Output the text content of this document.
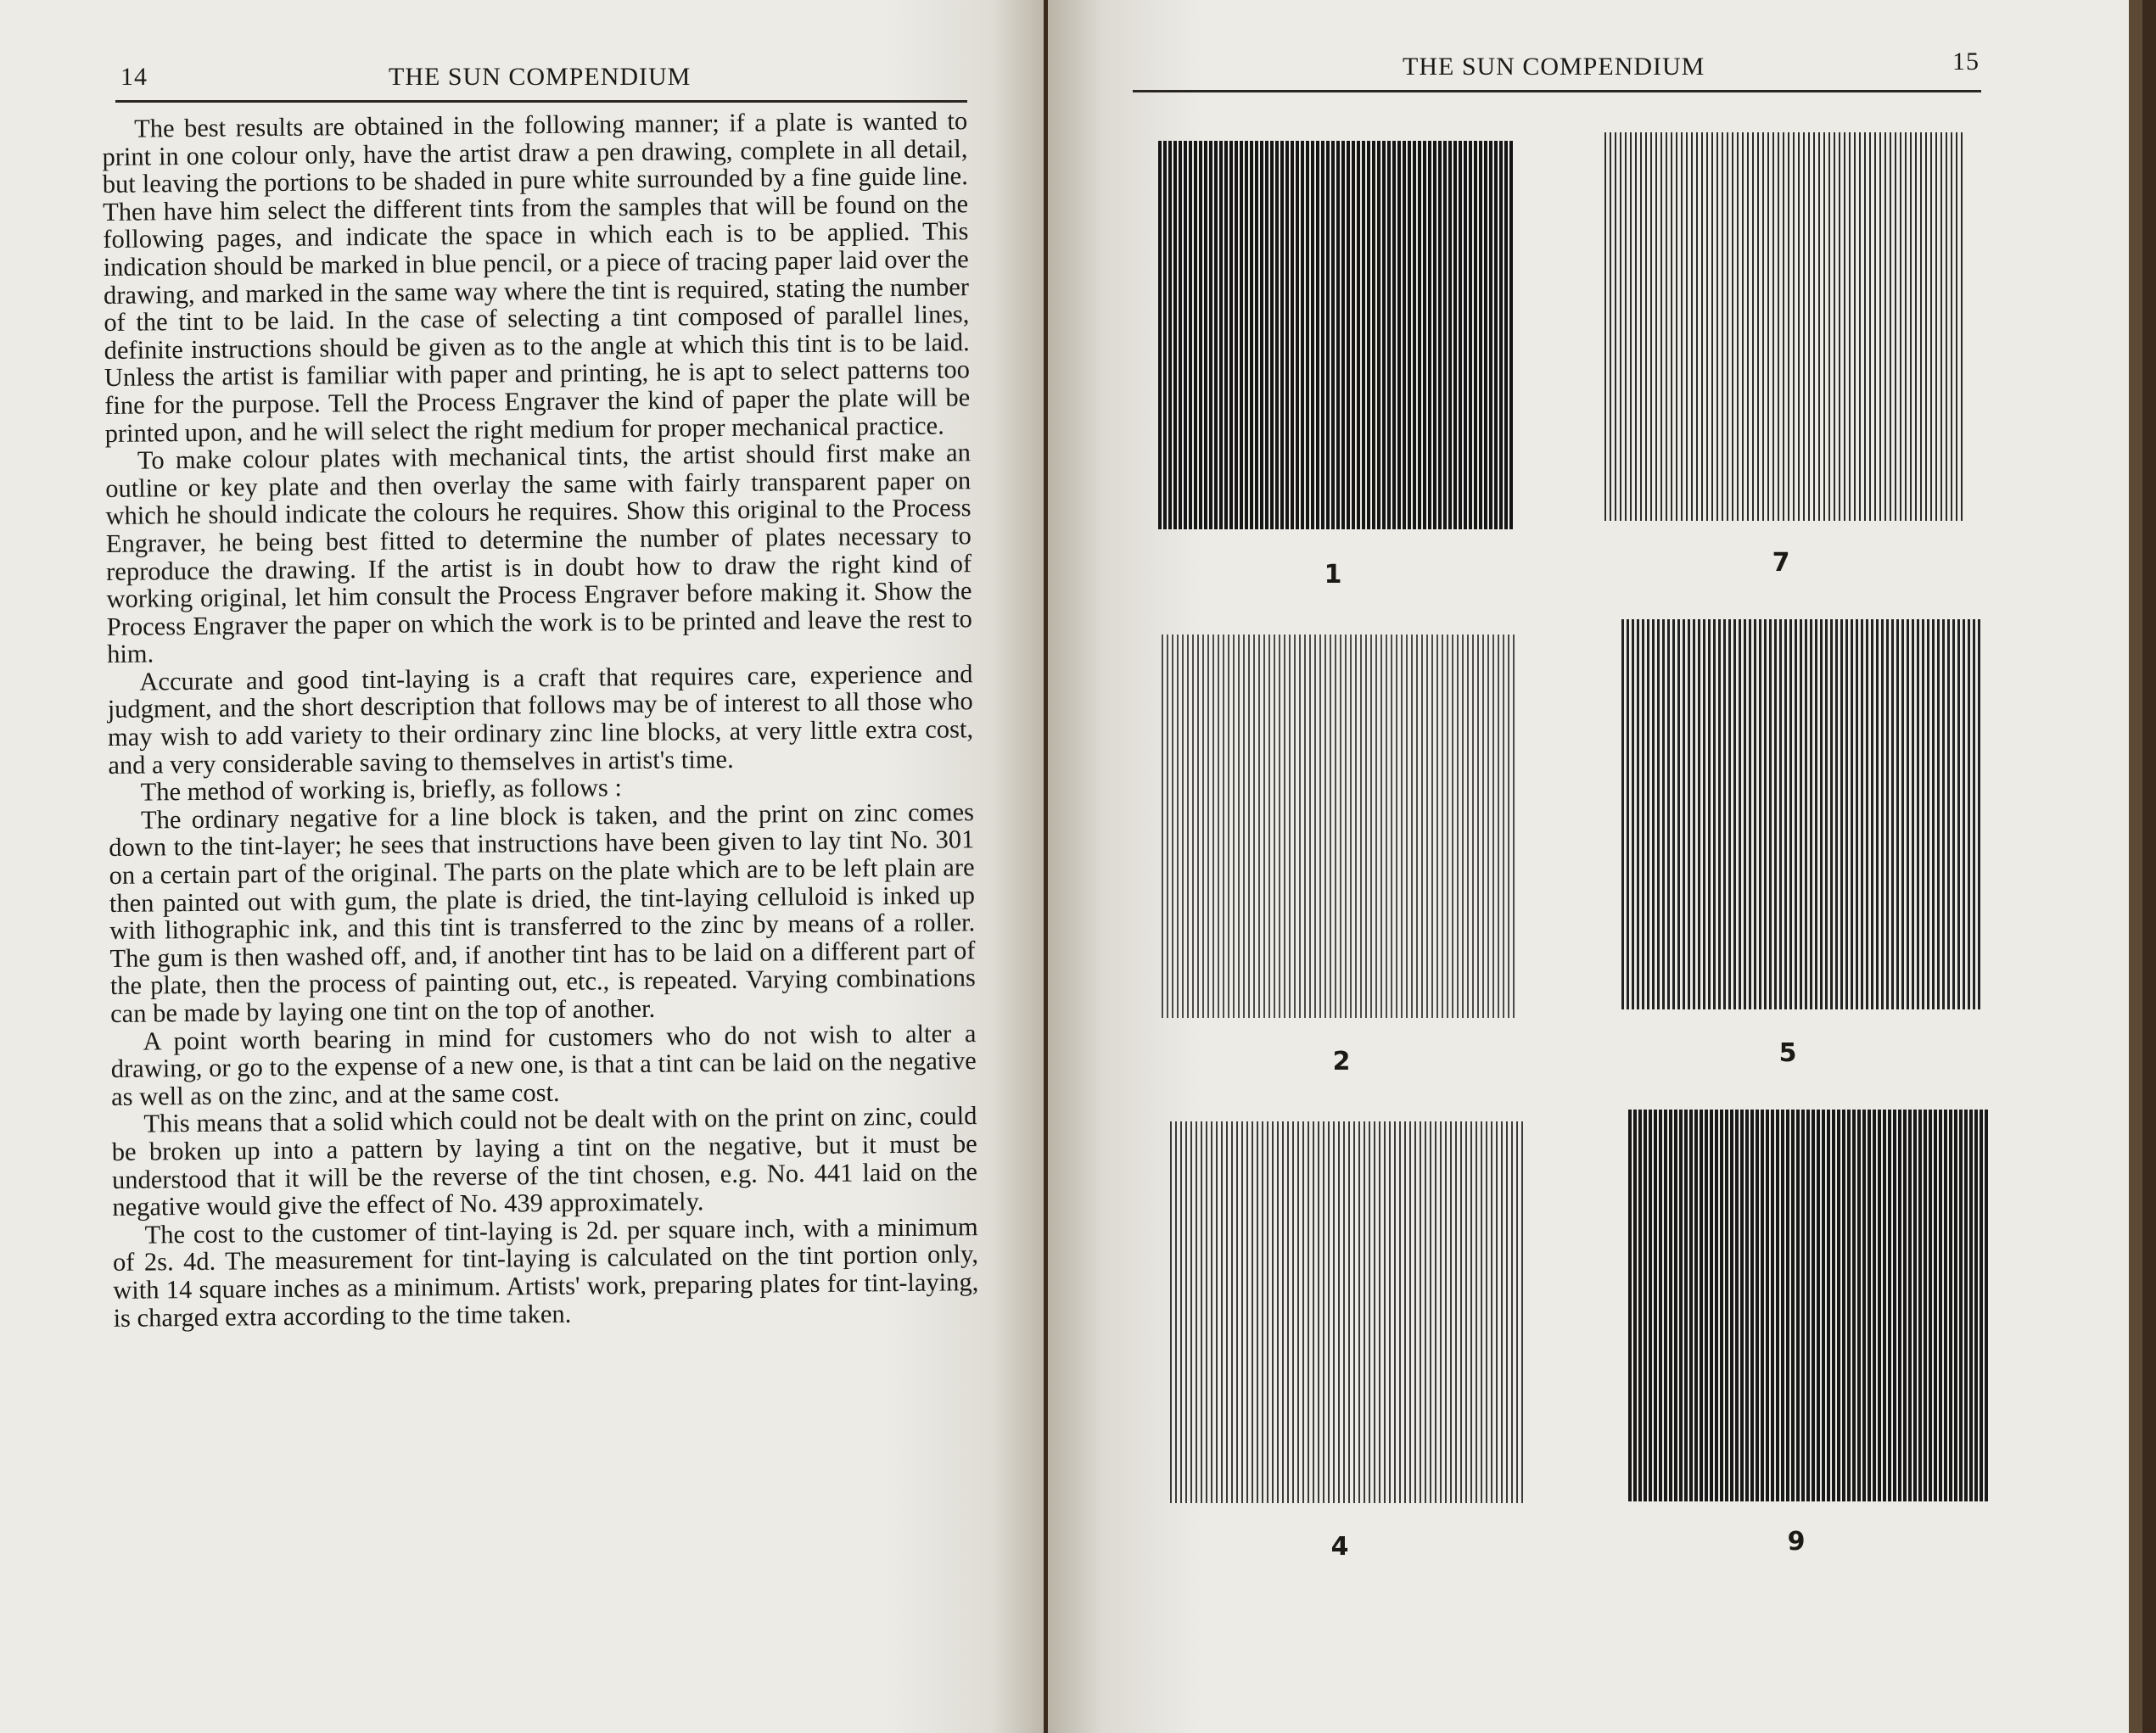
14	THE SUN COMPENDIUM

The best results are obtained in the following manner; if a plate is wanted to print in one colour only, have the artist draw a pen drawing, complete in all detail, but leaving the portions to be shaded in pure white surrounded by a fine guide line. Then have him select the different tints from the samples that will be found on the following pages, and indicate the space in which each is to be applied. This indication should be marked in blue pencil, or a piece of tracing paper laid over the drawing, and marked in the same way where the tint is required, stating the number of the tint to be laid. In the case of selecting a tint composed of parallel lines, definite instructions should be given as to the angle at which this tint is to be laid. Unless the artist is familiar with paper and printing, he is apt to select patterns too fine for the purpose. Tell the Process Engraver the kind of paper the plate will be printed upon, and he will select the right medium for proper mechanical practice.

To make colour plates with mechanical tints, the artist should first make an outline or key plate and then overlay the same with fairly transparent paper on which he should indicate the colours he requires. Show this original to the Process Engraver, he being best fitted to determine the number of plates necessary to reproduce the drawing. If the artist is in doubt how to draw the right kind of working original, let him consult the Process Engraver before making it. Show the Process Engraver the paper on which the work is to be printed and leave the rest to him.

Accurate and good tint-laying is a craft that requires care, experience and judgment, and the short description that follows may be of interest to all those who may wish to add variety to their ordinary zinc line blocks, at very little extra cost, and a very considerable saving to themselves in artist's time.

The method of working is, briefly, as follows :

The ordinary negative for a line block is taken, and the print on zinc comes down to the tint-layer; he sees that instructions have been given to lay tint No. 301 on a certain part of the original. The parts on the plate which are to be left plain are then painted out with gum, the plate is dried, the tint-laying celluloid is inked up with lithographic ink, and this tint is transferred to the zinc by means of a roller. The gum is then washed off, and, if another tint has to be laid on a different part of the plate, then the process of painting out, etc., is repeated. Varying combinations can be made by laying one tint on the top of another.

A point worth bearing in mind for customers who do not wish to alter a drawing, or go to the expense of a new one, is that a tint can be laid on the negative as well as on the zinc, and at the same cost.

This means that a solid which could not be dealt with on the print on zinc, could be broken up into a pattern by laying a tint on the negative, but it must be understood that it will be the reverse of the tint chosen, e.g. No. 441 laid on the negative would give the effect of No. 439 approximately.

The cost to the customer of tint-laying is 2d. per square inch, with a minimum of 2s. 4d. The measurement for tint-laying is calculated on the tint portion only, with 14 square inches as a minimum. Artists' work, preparing plates for tint-laying, is charged extra according to the time taken.

THE SUN COMPENDIUM	15
1	7
2	5
4	9
